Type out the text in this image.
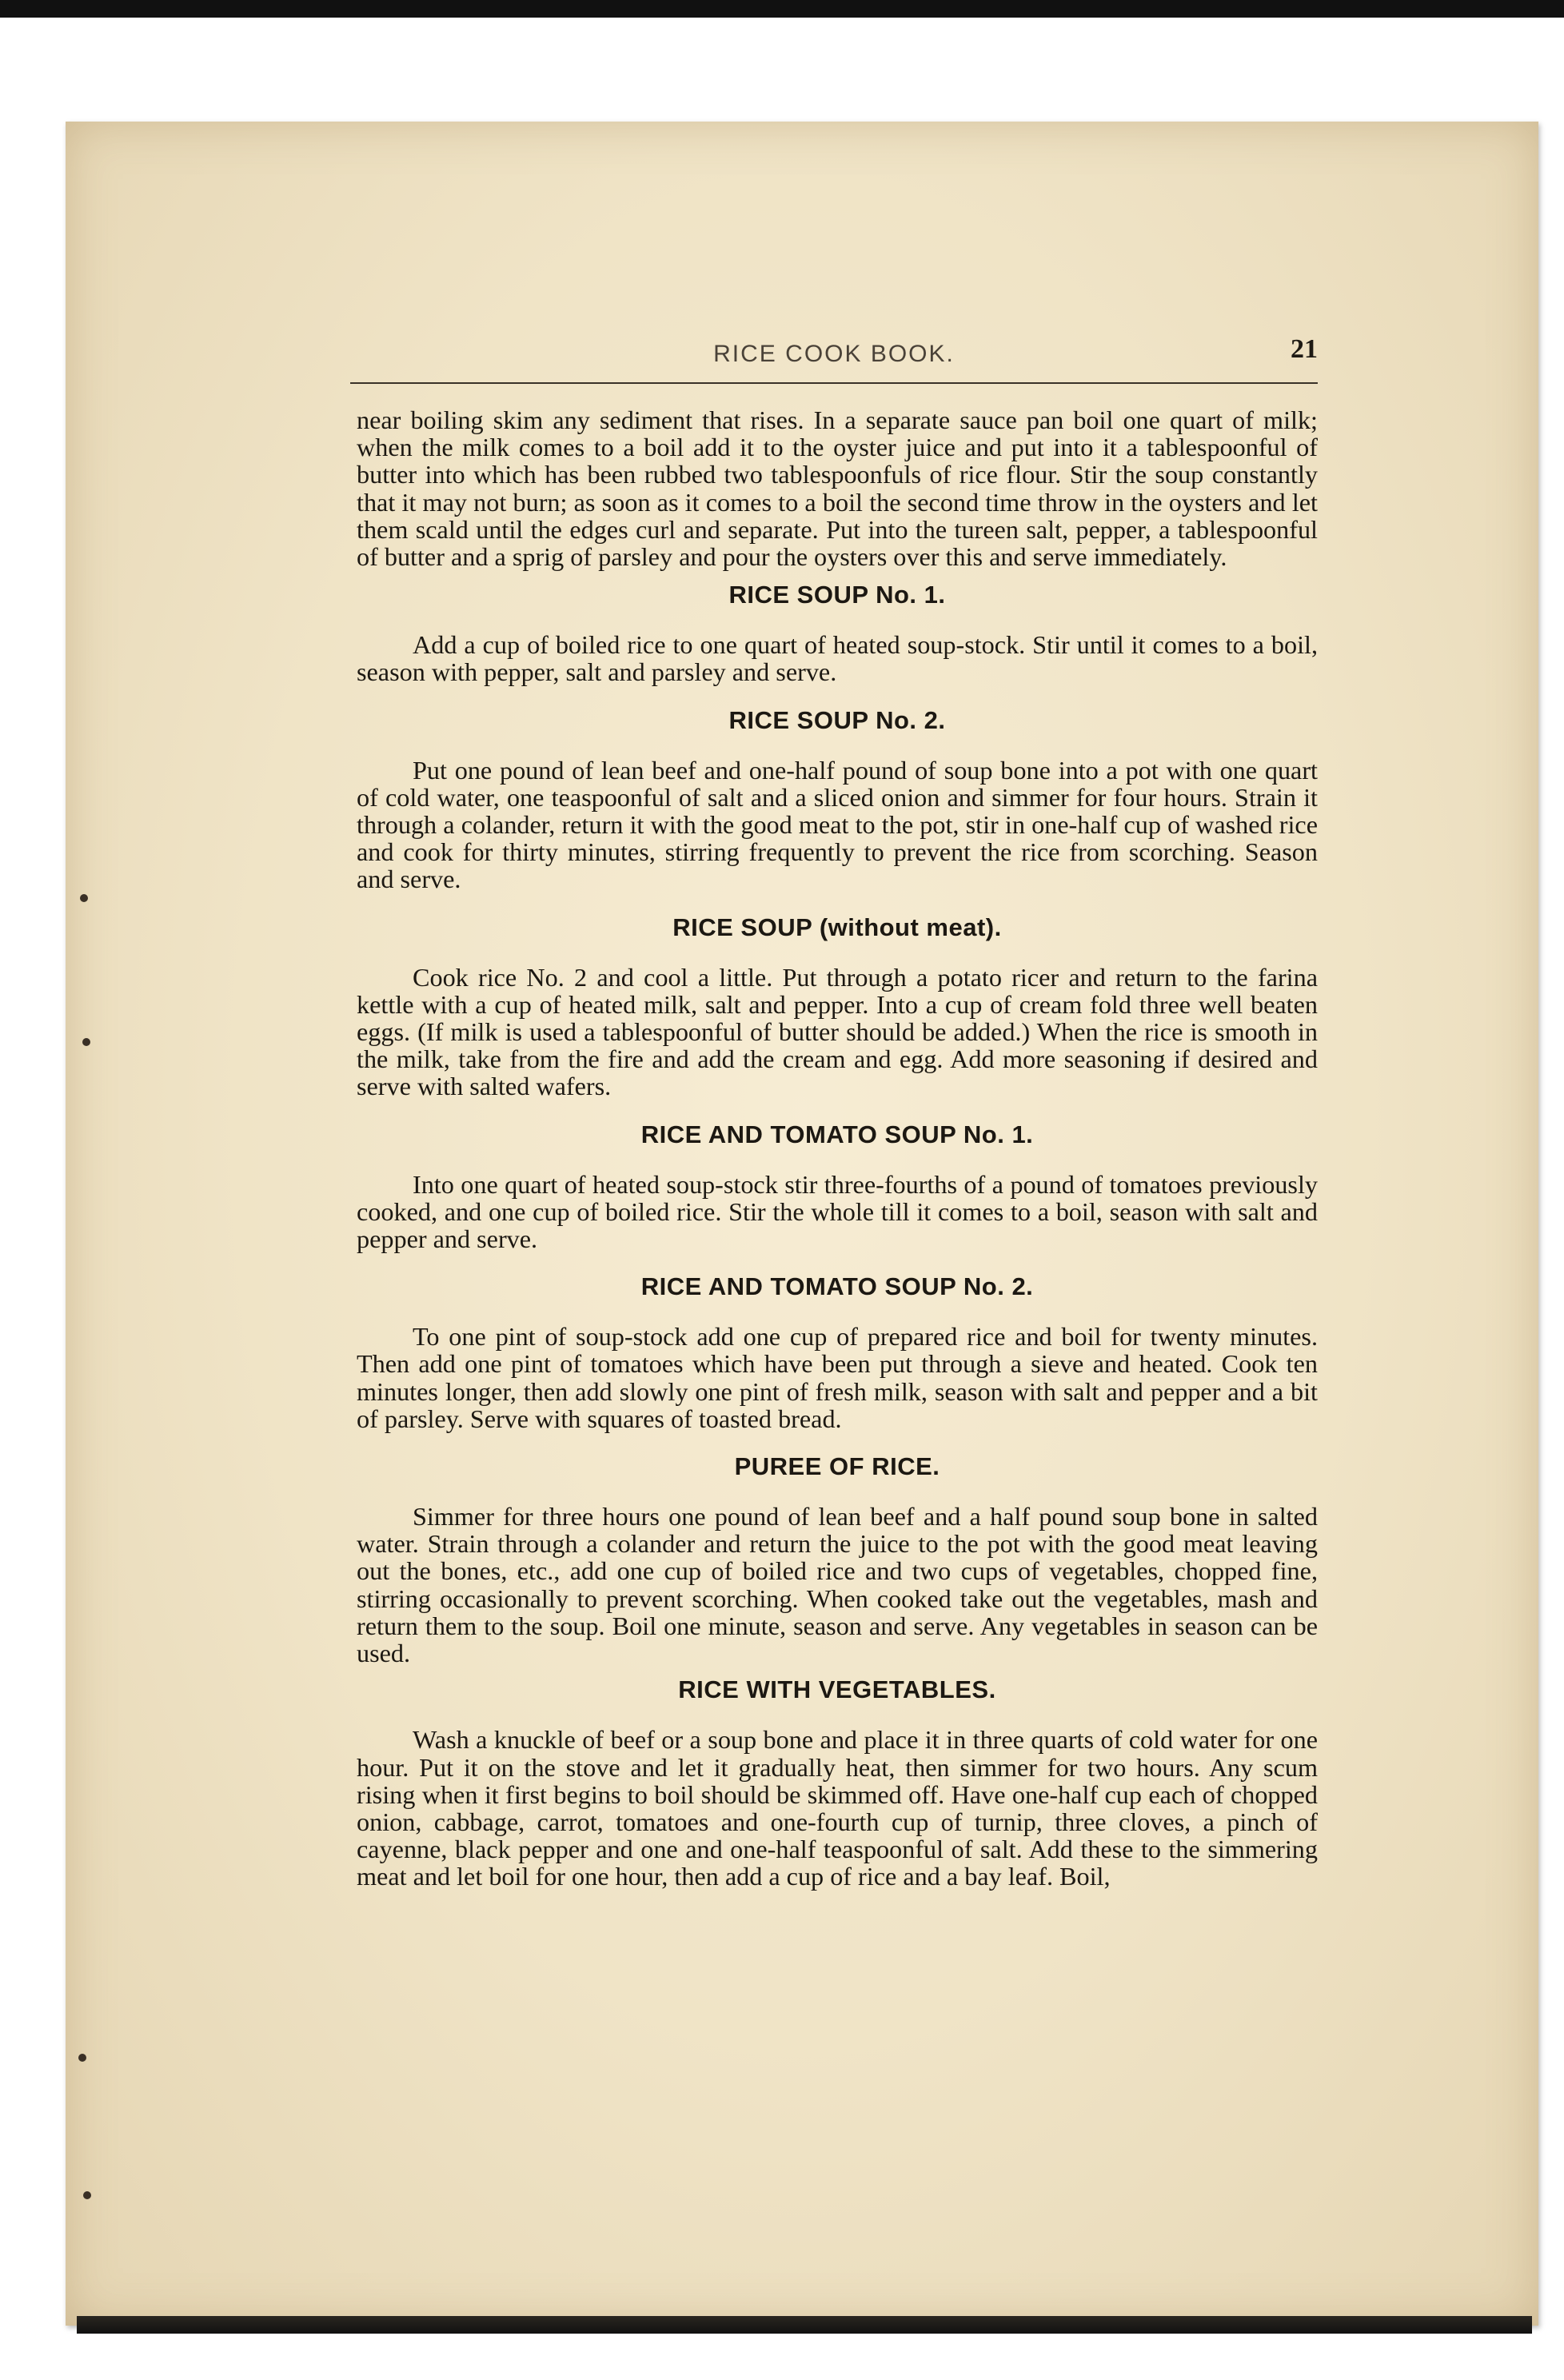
RICE COOK BOOK.	21

near boiling skim any sediment that rises. In a separate sauce pan boil one quart of milk; when the milk comes to a boil add it to the oyster juice and put into it a tablespoonful of butter into which has been rubbed two tablespoonfuls of rice flour. Stir the soup constantly that it may not burn; as soon as it comes to a boil the second time throw in the oysters and let them scald until the edges curl and separate. Put into the tureen salt, pepper, a tablespoonful of butter and a sprig of parsley and pour the oysters over this and serve immediately.

RICE SOUP No. 1.

Add a cup of boiled rice to one quart of heated soup-stock. Stir until it comes to a boil, season with pepper, salt and parsley and serve.

RICE SOUP No. 2.

Put one pound of lean beef and one-half pound of soup bone into a pot with one quart of cold water, one teaspoonful of salt and a sliced onion and simmer for four hours. Strain it through a colander, return it with the good meat to the pot, stir in one-half cup of washed rice and cook for thirty minutes, stirring frequently to prevent the rice from scorching. Season and serve.

RICE SOUP (without meat).

Cook rice No. 2 and cool a little. Put through a potato ricer and return to the farina kettle with a cup of heated milk, salt and pepper. Into a cup of cream fold three well beaten eggs. (If milk is used a tablespoonful of butter should be added.) When the rice is smooth in the milk, take from the fire and add the cream and egg. Add more seasoning if desired and serve with salted wafers.

RICE AND TOMATO SOUP No. 1.

Into one quart of heated soup-stock stir three-fourths of a pound of tomatoes previously cooked, and one cup of boiled rice. Stir the whole till it comes to a boil, season with salt and pepper and serve.

RICE AND TOMATO SOUP No. 2.

To one pint of soup-stock add one cup of prepared rice and boil for twenty minutes. Then add one pint of tomatoes which have been put through a sieve and heated. Cook ten minutes longer, then add slowly one pint of fresh milk, season with salt and pepper and a bit of parsley. Serve with squares of toasted bread.

PUREE OF RICE.

Simmer for three hours one pound of lean beef and a half pound soup bone in salted water. Strain through a colander and return the juice to the pot with the good meat leaving out the bones, etc., add one cup of boiled rice and two cups of vegetables, chopped fine, stirring occasionally to prevent scorching. When cooked take out the vegetables, mash and return them to the soup. Boil one minute, season and serve. Any vegetables in season can be used.

RICE WITH VEGETABLES.

Wash a knuckle of beef or a soup bone and place it in three quarts of cold water for one hour. Put it on the stove and let it gradually heat, then simmer for two hours. Any scum rising when it first begins to boil should be skimmed off. Have one-half cup each of chopped onion, cabbage, carrot, tomatoes and one-fourth cup of turnip, three cloves, a pinch of cayenne, black pepper and one and one-half teaspoonful of salt. Add these to the simmering meat and let boil for one hour, then add a cup of rice and a bay leaf. Boil,
